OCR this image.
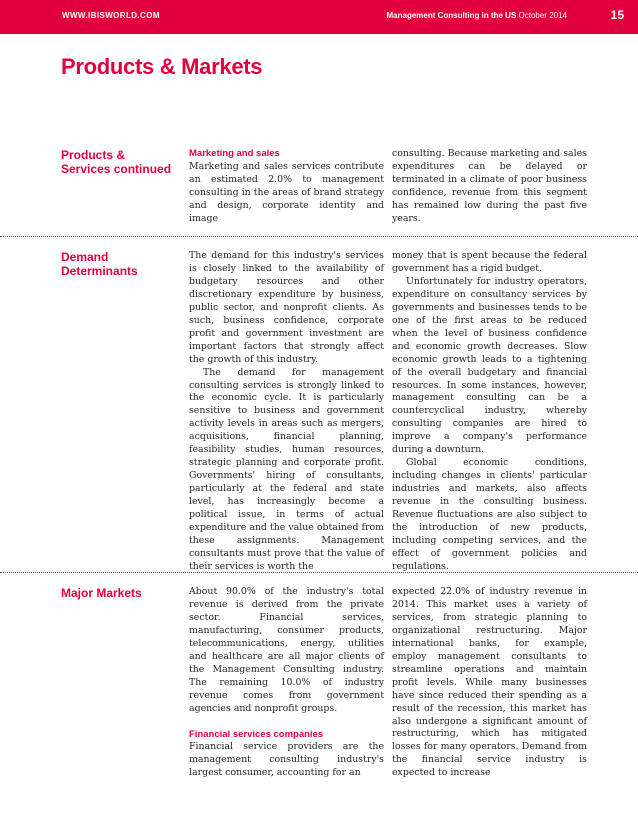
WWW.IBISWORLD.COM	Management Consulting in the US October 2014	15
Products & Markets
Products & Services continued
Marketing and sales

Marketing and sales services contribute an estimated 2.0% to management consulting in the areas of brand strategy and design, corporate identity and image

consulting. Because marketing and sales expenditures can be delayed or terminated in a climate of poor business confidence, revenue from this segment has remained low during the past five years.

Demand Determinants

The demand for this industry's services is closely linked to the availability of budgetary resources and other discretionary expenditure by business, public sector, and nonprofit clients. As such, business confidence, corporate profit and government investment are important factors that strongly affect the growth of this industry.

The demand for management consulting services is strongly linked to the economic cycle. It is particularly sensitive to business and government activity levels in areas such as mergers, acquisitions, financial planning, feasibility studies, human resources, strategic planning and corporate profit. Governments' hiring of consultants, particularly at the federal and state level, has increasingly become a political issue, in terms of actual expenditure and the value obtained from these assignments. Management consultants must prove that the value of their services is worth the

money that is spent because the federal government has a rigid budget.

Unfortunately for industry operators, expenditure on consultancy services by governments and businesses tends to be one of the first areas to be reduced when the level of business confidence and economic growth decreases. Slow economic growth leads to a tightening of the overall budgetary and financial resources. In some instances, however, management consulting can be a countercyclical industry, whereby consulting companies are hired to improve a company's performance during a downturn.

Global economic conditions, including changes in clients' particular industries and markets, also affects revenue in the consulting business. Revenue fluctuations are also subject to the introduction of new products, including competing services, and the effect of government policies and regulations.

Major Markets	About 90.0% of the industry's total revenue is derived from the private sector. Financial services, manufacturing, consumer products, telecommunications, energy, utilities and healthcare are all major clients of the Management Consulting industry. The remaining 10.0% of industry revenue comes from government agencies and nonprofit groups.

Financial services companies

Financial service providers are the management consulting industry's largest consumer, accounting for an

expected 22.0% of industry revenue in 2014. This market uses a variety of services, from strategic planning to organizational restructuring. Major international banks, for example, employ management consultants to streamline operations and maintain profit levels. While many businesses have since reduced their spending as a result of the recession, this market has also undergone a significant amount of restructuring, which has mitigated losses for many operators. Demand from the financial service industry is expected to increase
